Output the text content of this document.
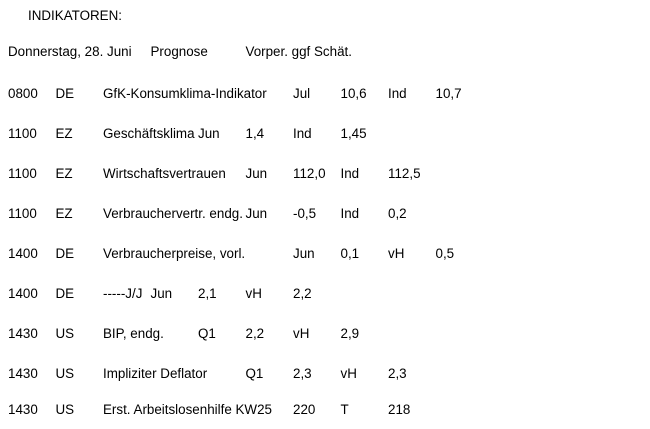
INDIKATOREN:
Donnerstag, 28. Juni	Prognose		Vorper. ggf Schät.
0800	DE	GfK-Konsumklima-Indikator	Jul	10,6	Ind	10,7
1100	EZ	Geschäftsklima	Jun	1,4	Ind	1,45
1100	EZ	Wirtschaftsvertrauen	Jun	112,0	Ind	112,5
1100	EZ	Verbrauchervertr. endg.	Jun	-0,5	Ind	0,2
1400	DE	Verbraucherpreise, vorl.		Jun	0,1	vH	0,5
1400	DE	-----J/J	Jun	2,1	vH	2,2
1430	US	BIP, endg.		Q1	2,2	vH	2,9
1430	US	Impliziter Deflator		Q1	2,3	vH	2,3
1430	US	Erst. Arbeitslosenhilfe KW25	220	T		218
